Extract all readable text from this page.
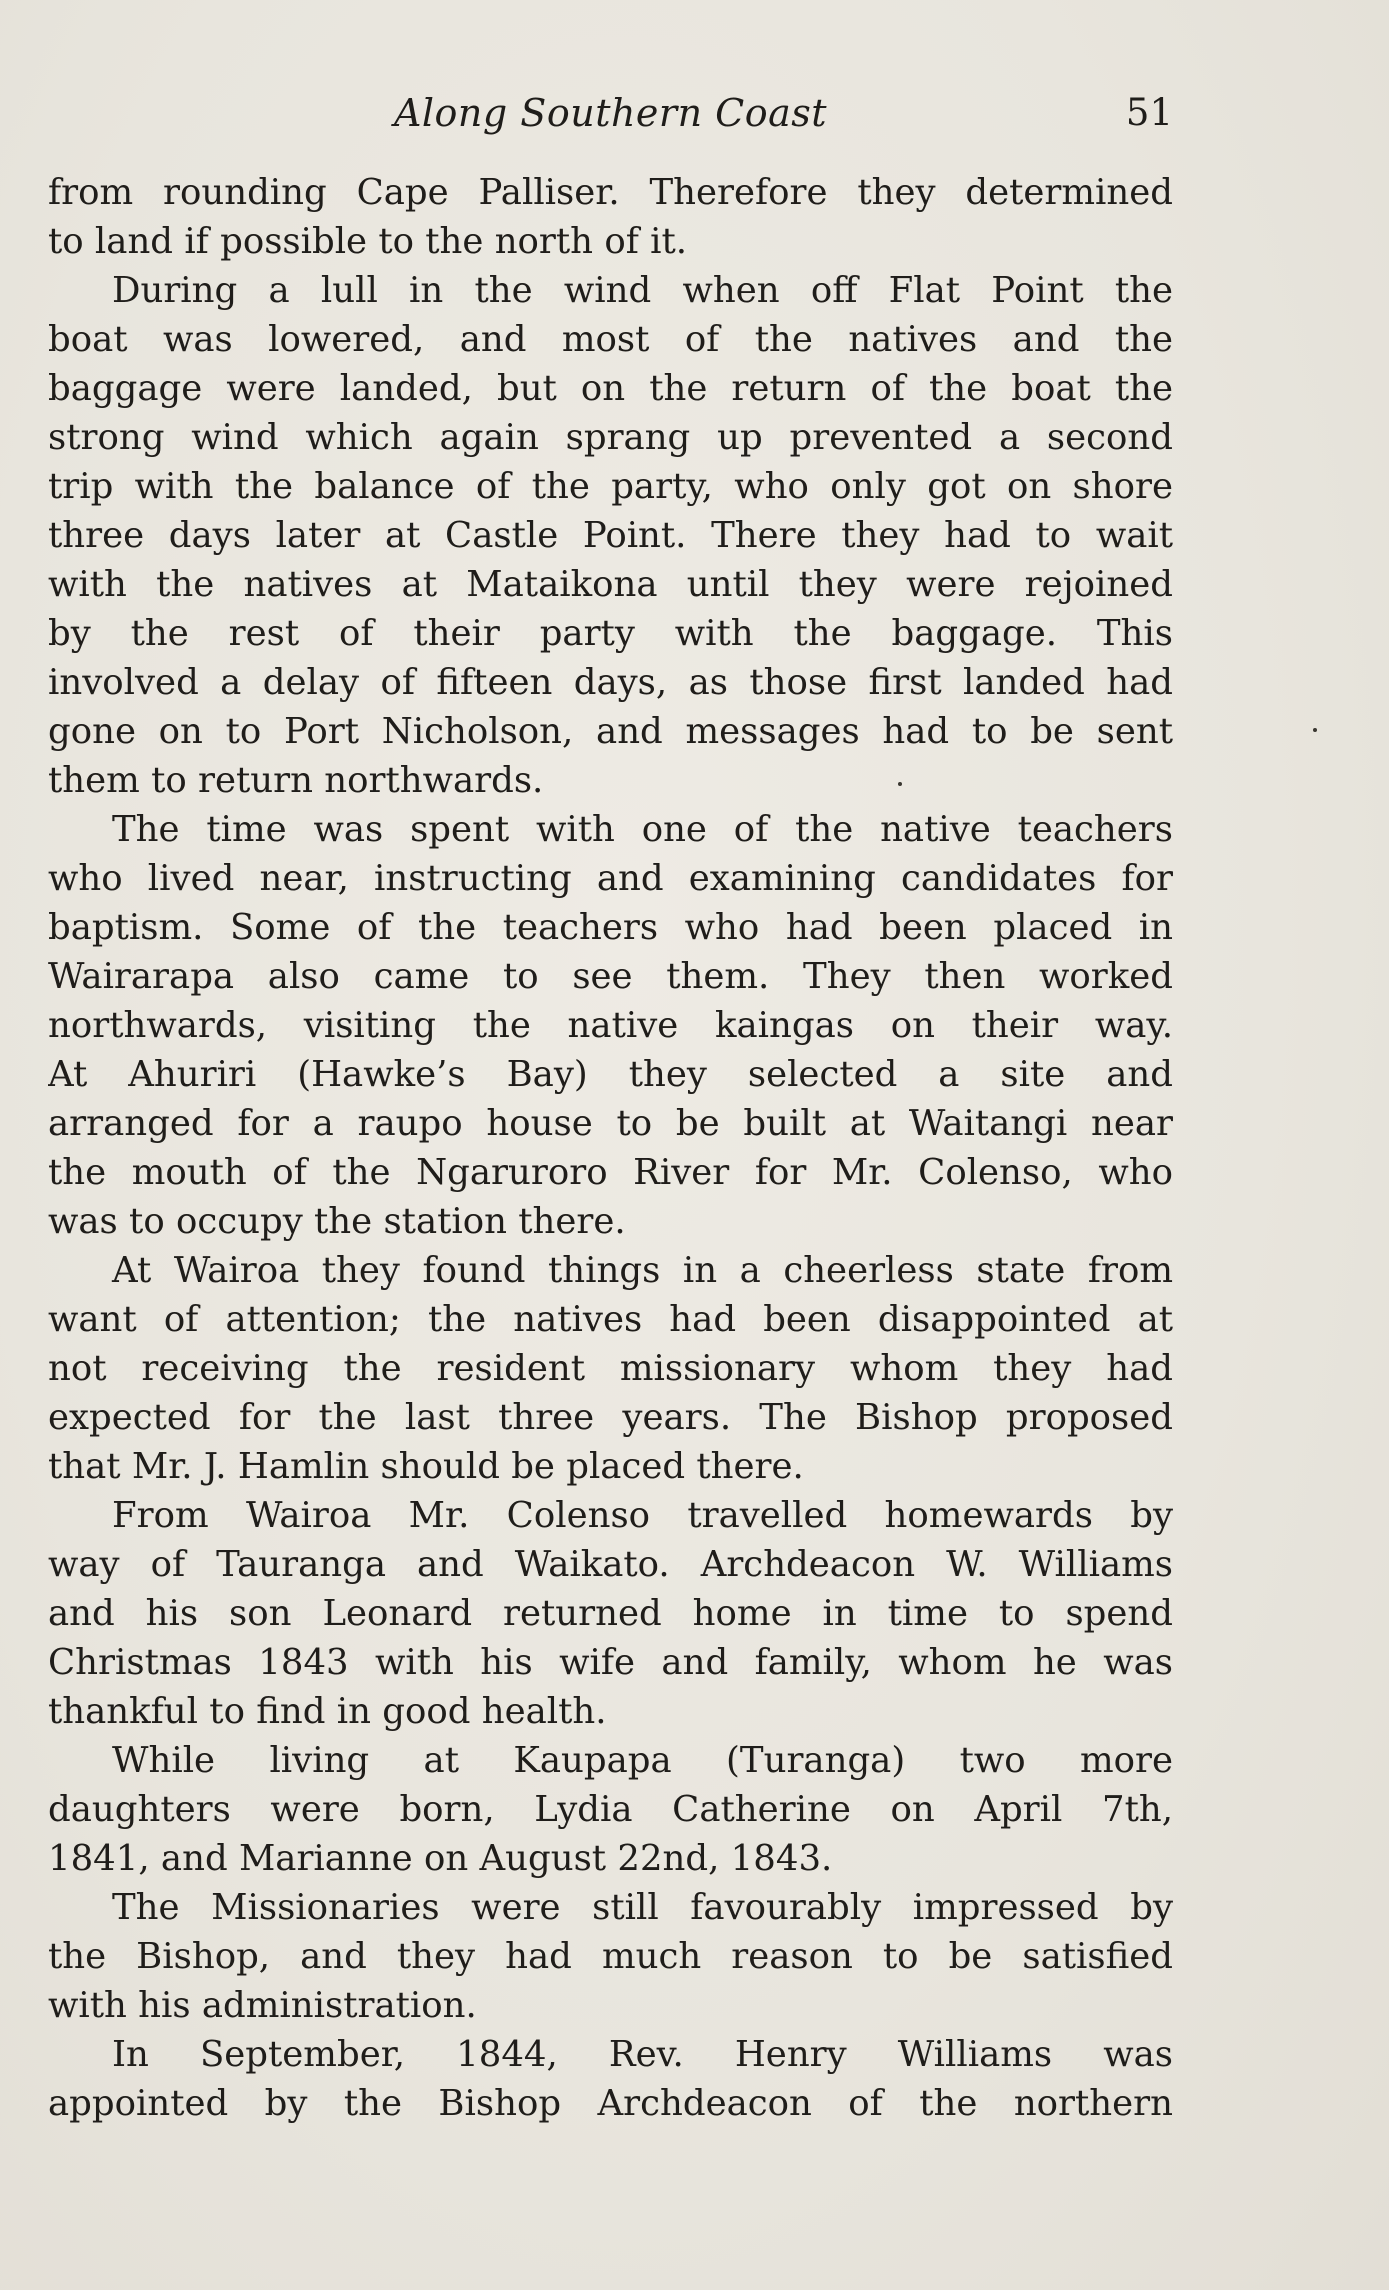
Along Southern Coast	51
from rounding Cape Palliser. Therefore they determined
to land if possible to the north of it.
During a lull in the wind when off Flat Point the
boat was lowered, and most of the natives and the
baggage were landed, but on the return of the boat the
strong wind which again sprang up prevented a second
trip with the balance of the party, who only got on shore
three days later at Castle Point. There they had to wait
with the natives at Mataikona until they were rejoined
by the rest of their party with the baggage. This
involved a delay of fifteen days, as those first landed had
gone on to Port Nicholson, and messages had to be sent
them to return northwards.
The time was spent with one of the native teachers
who lived near, instructing and examining candidates for
baptism. Some of the teachers who had been placed in
Wairarapa also came to see them. They then worked
northwards, visiting the native kaingas on their way.
At Ahuriri (Hawke’s Bay) they selected a site and
arranged for a raupo house to be built at Waitangi near
the mouth of the Ngaruroro River for Mr. Colenso, who
was to occupy the station there.
At Wairoa they found things in a cheerless state from
want of attention; the natives had been disappointed at
not receiving the resident missionary whom they had
expected for the last three years. The Bishop proposed
that Mr. J. Hamlin should be placed there.
From Wairoa Mr. Colenso travelled homewards by
way of Tauranga and Waikato. Archdeacon W. Williams
and his son Leonard returned home in time to spend
Christmas 1843 with his wife and family, whom he was
thankful to find in good health.
While living at Kaupapa (Turanga) two more
daughters were born, Lydia Catherine on April 7th,
1841, and Marianne on August 22nd, 1843.
The Missionaries were still favourably impressed by
the Bishop, and they had much reason to be satisfied
with his administration.
In September, 1844, Rev. Henry Williams was
appointed by the Bishop Archdeacon of the northern
